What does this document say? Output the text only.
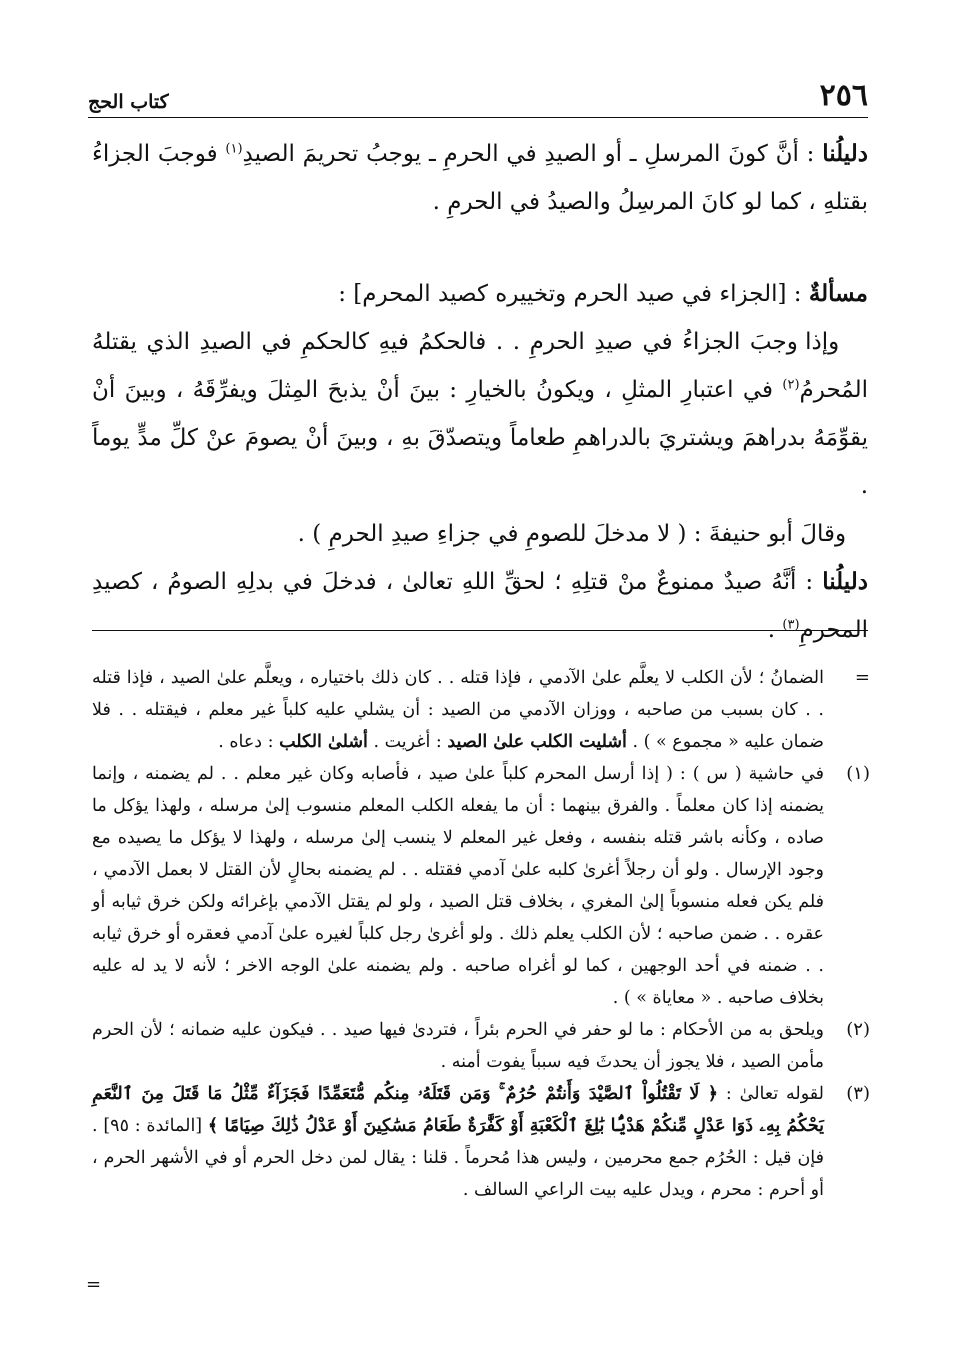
٢٥٦
كتاب الحج

دليلُنا : أنَّ كونَ المرسلِ ـ أو الصيدِ في الحرمِ ـ يوجبُ تحريمَ الصيدِ$^{(١)}$ فوجبَ الجزاءُ بقتلهِ ، كما لو كانَ المرسِلُ والصيدُ في الحرمِ .

مسألةٌ : [الجزاء في صيد الحرم وتخييره كصيد المحرم] :

​   وإذا وجبَ الجزاءُ في صيدِ الحرمِ . . فالحكمُ فيهِ كالحكمِ في الصيدِ الذي يقتلهُ المُحرمُ$^{(٢)}$ في اعتبارِ المثلِ ، ويكونُ بالخيارِ : بينَ أنْ يذبحَ المِثلَ ويفرِّقَهُ ، وبينَ أنْ يقوِّمَهُ بدراهمَ ويشتريَ بالدراهمِ طعاماً ويتصدّقَ بهِ ، وبينَ أنْ يصومَ عنْ كلِّ مدٍّ يوماً .

​   وقالَ أبو حنيفةَ : ( لا مدخلَ للصومِ في جزاءِ صيدِ الحرمِ ) .

دليلُنا : أنَّهُ صيدٌ ممنوعٌ منْ قتلِهِ ؛ لحقِّ اللهِ تعالىٰ ، فدخلَ في بدلِهِ الصومُ ، كصيدِ المحرمِ$^{(٣)}$ .

=

الضمانُ ؛ لأن الكلب لا يعلَّم علىٰ الآدمي ، فإذا قتله . . كان ذلك باختياره ، ويعلَّم علىٰ الصيد ، فإذا قتله . . كان بسبب من صاحبه ، ووزان الآدمي من الصيد : أن يشلي عليه كلباً غير معلم ، فيقتله . . فلا ضمان عليه « مجموع » ) . أشليت الكلب علىٰ الصيد : أغريت . أشلىٰ الكلب : دعاه .

(١)

في حاشية ( س ) : ( إذا أرسل المحرم كلباً علىٰ صيد ، فأصابه وكان غير معلم . . لم يضمنه ، وإنما يضمنه إذا كان معلماً . والفرق بينهما : أن ما يفعله الكلب المعلم منسوب إلىٰ مرسله ، ولهذا يؤكل ما صاده ، وكأنه باشر قتله بنفسه ، وفعل غير المعلم لا ينسب إلىٰ مرسله ، ولهذا لا يؤكل ما يصيده مع وجود الإرسال . ولو أن رجلاً أغرىٰ كلبه علىٰ آدمي فقتله . . لم يضمنه بحالٍ لأن القتل لا بعمل الآدمي ، فلم يكن فعله منسوباً إلىٰ المغري ، بخلاف قتل الصيد ، ولو لم يقتل الآدمي بإغرائه ولكن خرق ثيابه أو عقره . . ضمن صاحبه ؛ لأن الكلب يعلم ذلك . ولو أغرىٰ رجل كلباً لغيره علىٰ آدمي فعقره أو خرق ثيابه . . ضمنه في أحد الوجهين ، كما لو أغراه صاحبه . ولم يضمنه علىٰ الوجه الاخر ؛ لأنه لا يد له عليه بخلاف صاحبه . « معاياة » ) .

(٢)

ويلحق به من الأحكام : ما لو حفر في الحرم بئراً ، فتردىٰ فيها صيد . . فيكون عليه ضمانه ؛ لأن الحرم مأمن الصيد ، فلا يجوز أن يحدثَ فيه سبباً يفوت أمنه .

(٣)

لقوله تعالىٰ : ﴿ لَا تَقْتُلُواْ ٱلصَّيْدَ وَأَنتُمْ حُرُمٌ ۚ وَمَن قَتَلَهُۥ مِنكُم مُّتَعَمِّدًا فَجَزَآءٌ مِّثْلُ مَا قَتَلَ مِنَ ٱلنَّعَمِ يَحْكُمُ بِهِۦ ذَوَا عَدْلٍ مِّنكُمْ هَدْيًۢا بَٰلِغَ ٱلْكَعْبَةِ أَوْ كَفَّٰرَةٌ طَعَامُ مَسَٰكِينَ أَوْ عَدْلُ ذَٰلِكَ صِيَامًا ﴾ [المائدة : ٩٥] . فإن قيل : الحُرُم جمع محرمين ، وليس هذا مُحرماً . قلنا : يقال لمن دخل الحرم أو في الأشهر الحرم ، أو أحرم : محرم ، ويدل عليه بيت الراعي السالف .

=
